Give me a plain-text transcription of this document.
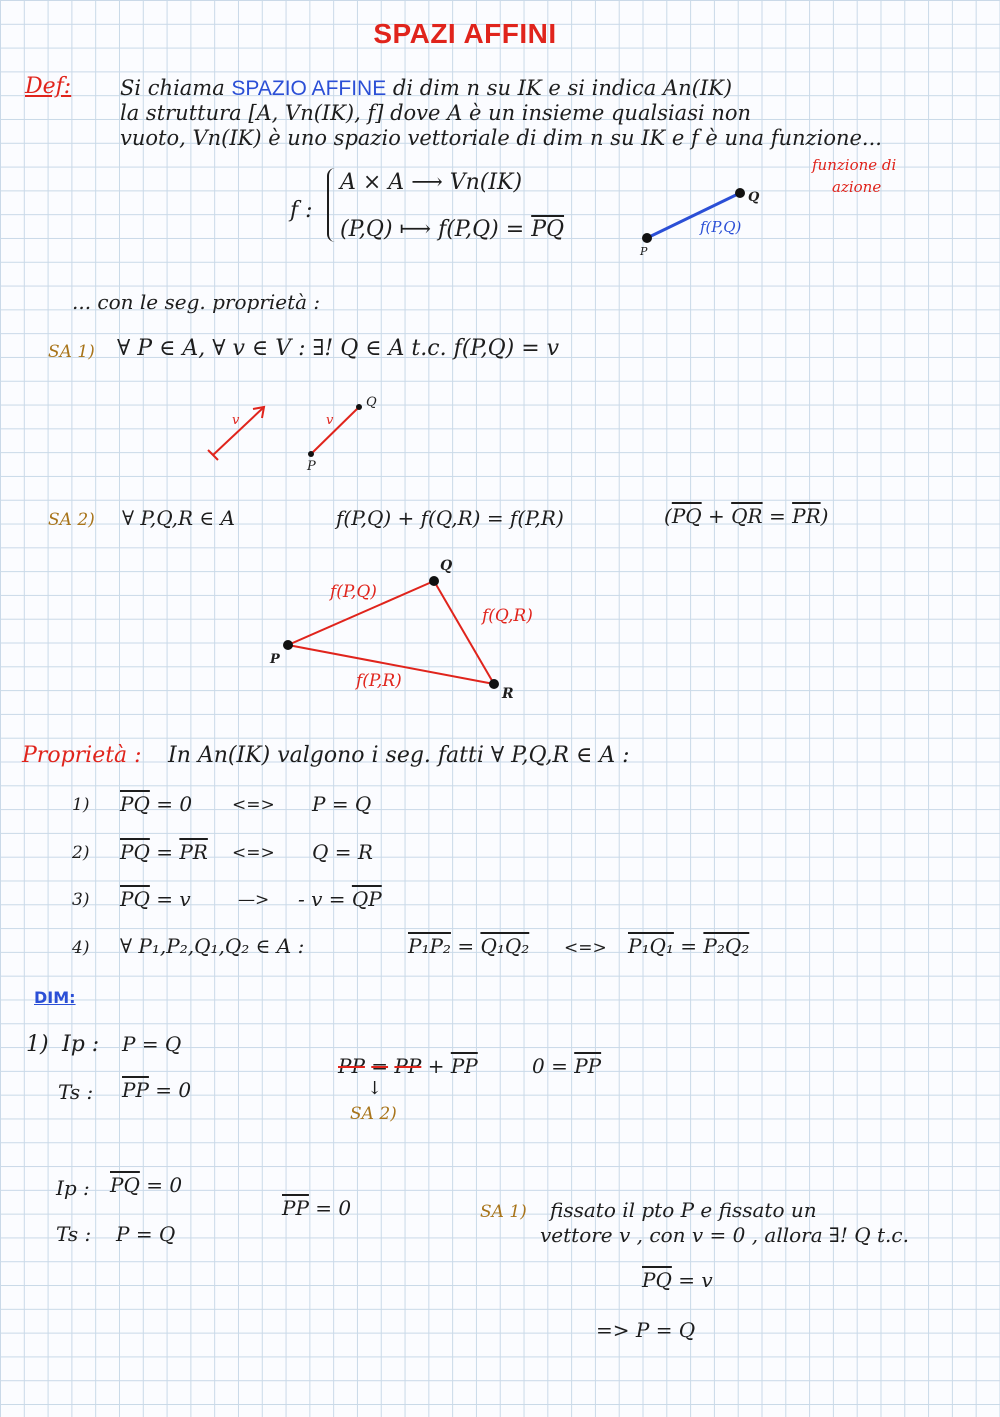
SPAZI AFFINI
Def: Si chiama SPAZIO AFFINE di dim n su IK e si indica An(IK)
la struttura [A, Vn(IK), f] dove A è un insieme qualsiasi non
vuoto, Vn(IK) è uno spazio vettoriale di dim n su IK e f è una funzione...
funzione di
azione
f :
A × A ⟶ Vn(IK)
(P,Q) ⟼ $f(P,Q) = \overline{PQ}$
P
Q
f(P,Q)
... con le seg. proprietà :
SA 1) ∀ P ∈ A, ∀ v ∈ V : ∃! Q ∈ A t.c. f(P,Q) = v
v	v
P
Q
SA 2) ∀ P,Q,R ∈ A	f(P,Q) + f(Q,R) = f(P,R)	$(\overline{PQ} + \overline{QR} = \overline{PR})$
P
Q
R
f(P,Q)
f(Q,R)
f(P,R)
Proprietà : In An(IK) valgono i seg. fatti ∀ P,Q,R ∈ A :
1) $\overline{PQ} = 0$ <=> P = Q
2) $\overline{PQ} = \overline{PR}$ <=> Q = R
3) $\overline{PQ} = v$	—> - $v = \overline{QP}$
4) ∀ P₁,P₂,Q₁,Q₂ ∈ A :	P₁P₂ = Q₁Q₂ <=> P₁Q₁ = P₂Q₂
DIM:
1) Ip : P = Q
Ts : $\overline{PP} = 0$
PP = PP + $\overline{PP}$
↓
SA 2)
$0 = \overline{PP}$
Ip : $\overline{PQ} = 0$
Ts : P = Q
$\overline{PP} = 0$	SA 1) fissato il pto P e fissato un
vettore v , con v = 0 , allora ∃! Q t.c.
$\overline{PQ} = v$
=> P = Q
